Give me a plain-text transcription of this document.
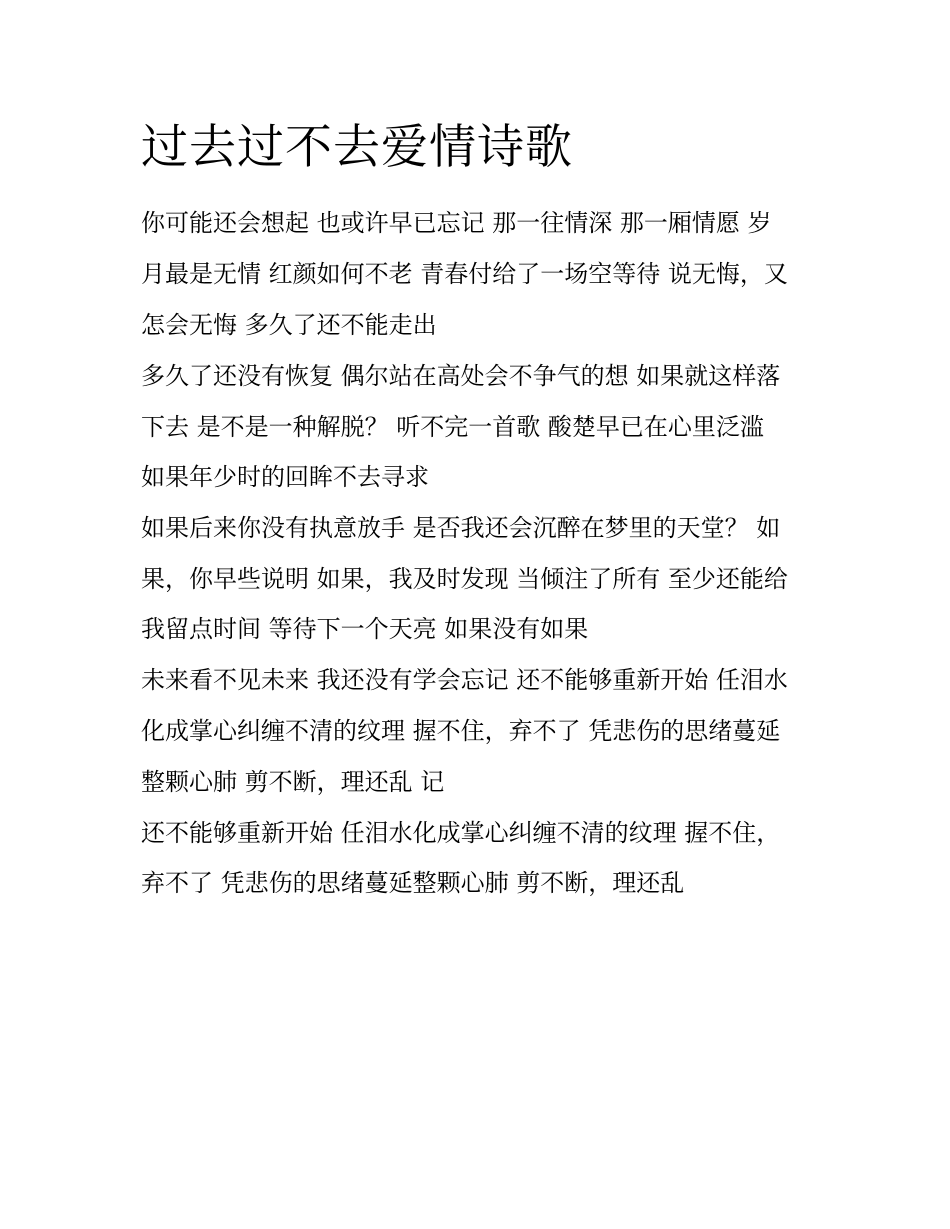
过去过不去爱情诗歌

你可能还会想起 也或许早已忘记 那一往情深 那一厢情愿 岁

月最是无情 红颜如何不老 青春付给了一场空等待 说无悔，又

怎会无悔 多久了还不能走出

多久了还没有恢复 偶尔站在高处会不争气的想 如果就这样落

下去 是不是一种解脱？ 听不完一首歌 酸楚早已在心里泛滥

如果年少时的回眸不去寻求

如果后来你没有执意放手 是否我还会沉醉在梦里的天堂？ 如

果，你早些说明 如果，我及时发现 当倾注了所有 至少还能给

我留点时间 等待下一个天亮 如果没有如果

未来看不见未来 我还没有学会忘记 还不能够重新开始 任泪水

化成掌心纠缠不清的纹理 握不住，弃不了 凭悲伤的思绪蔓延

整颗心肺 剪不断，理还乱 记

还不能够重新开始 任泪水化成掌心纠缠不清的纹理 握不住，

弃不了 凭悲伤的思绪蔓延整颗心肺 剪不断，理还乱
